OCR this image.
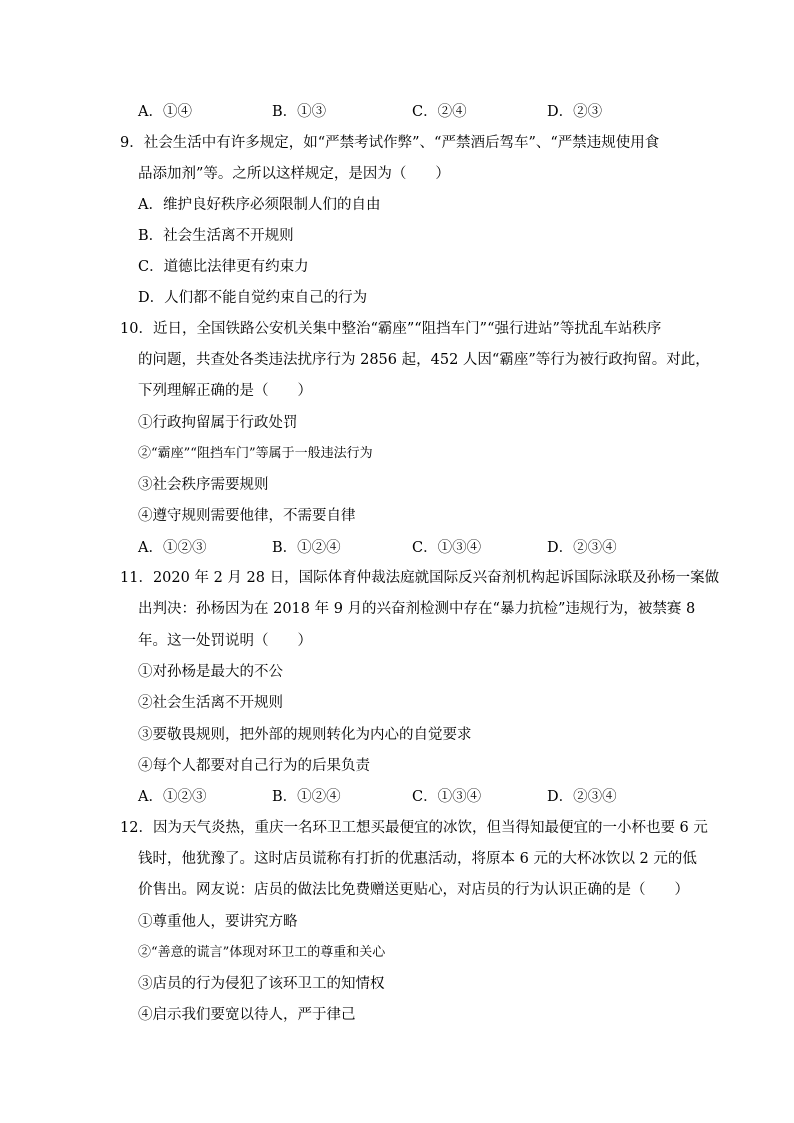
A．①④	B．①③	C．②④	D．②③
9．社会生活中有许多规定，如“严禁考试作弊”、“严禁酒后驾车”、“严禁违规使用食
品添加剂”等。之所以这样规定，是因为（　　）
A．维护良好秩序必须限制人们的自由
B．社会生活离不开规则
C．道德比法律更有约束力
D．人们都不能自觉约束自己的行为
10．近日，全国铁路公安机关集中整治“霸座”“阻挡车门”“强行进站”等扰乱车站秩序
的问题，共查处各类违法扰序行为 2856 起，452 人因“霸座”等行为被行政拘留。对此，
下列理解正确的是（　　）
①行政拘留属于行政处罚
②“霸座”“阻挡车门”等属于一般违法行为
③社会秩序需要规则
④遵守规则需要他律，不需要自律
A．①②③	B．①②④	C．①③④	D．②③④
11．2020 年 2 月 28 日，国际体育仲裁法庭就国际反兴奋剂机构起诉国际泳联及孙杨一案做
出判决：孙杨因为在 2018 年 9 月的兴奋剂检测中存在“暴力抗检”违规行为，被禁赛 8
年。这一处罚说明（　　）
①对孙杨是最大的不公
②社会生活离不开规则
③要敬畏规则，把外部的规则转化为内心的自觉要求
④每个人都要对自己行为的后果负责
A．①②③	B．①②④	C．①③④	D．②③④
12．因为天气炎热，重庆一名环卫工想买最便宜的冰饮，但当得知最便宜的一小杯也要 6 元
钱时，他犹豫了。这时店员谎称有打折的优惠活动，将原本 6 元的大杯冰饮以 2 元的低
价售出。网友说：店员的做法比免费赠送更贴心，对店员的行为认识正确的是（　　）
①尊重他人，要讲究方略
②“善意的谎言”体现对环卫工的尊重和关心
③店员的行为侵犯了该环卫工的知情权
④启示我们要宽以待人，严于律己
